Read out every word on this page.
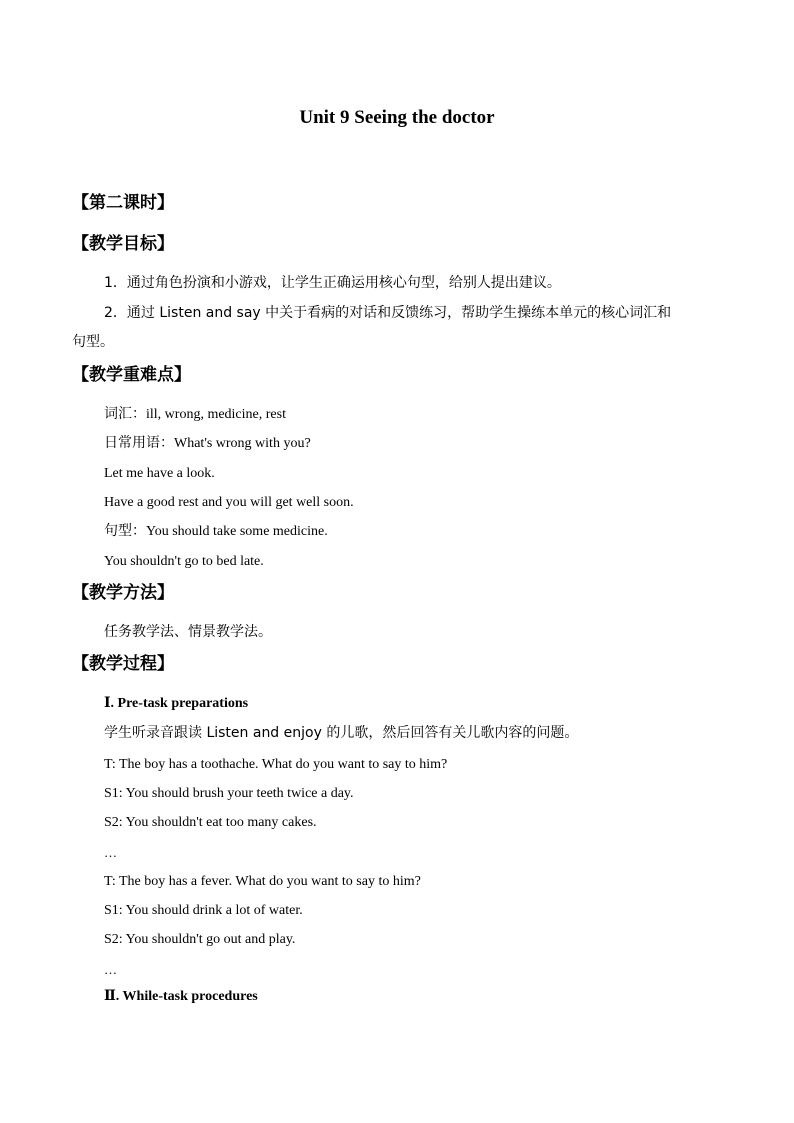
Unit 9 Seeing the doctor
【第二课时】
【教学目标】
1．通过角色扮演和小游戏，让学生正确运用核心句型，给别人提出建议。
2．通过 Listen and say 中关于看病的对话和反馈练习，帮助学生操练本单元的核心词汇和
句型。
【教学重难点】
词汇：ill, wrong, medicine, rest
日常用语：What's wrong with you?
Let me have a look.
Have a good rest and you will get well soon.
句型：You should take some medicine.
You shouldn't go to bed late.
【教学方法】
任务教学法、情景教学法。
【教学过程】
Ⅰ. Pre-task preparations
学生听录音跟读 Listen and enjoy 的儿歌，然后回答有关儿歌内容的问题。
T: The boy has a toothache. What do you want to say to him?
S1: You should brush your teeth twice a day.
S2: You shouldn't eat too many cakes.
…
T: The boy has a fever. What do you want to say to him?
S1: You should drink a lot of water.
S2: You shouldn't go out and play.
…
Ⅱ. While-task procedures
